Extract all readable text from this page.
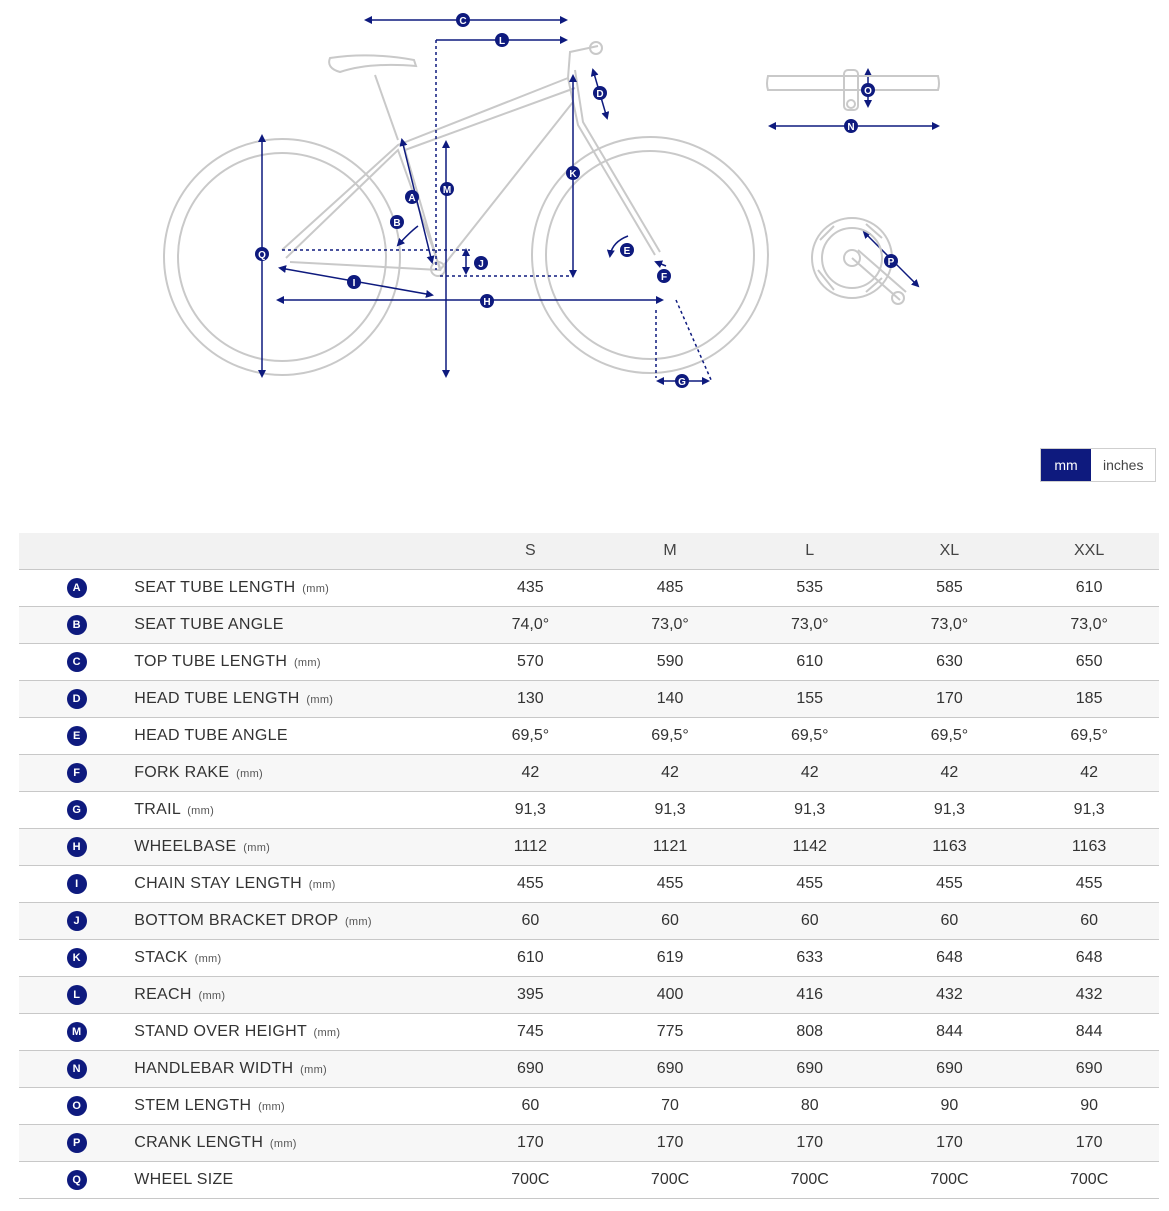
C
L
D
K
A
B
M
J
Q
I
H
E
F
G
O
N
P
mm	inches
		S	M	L	XL	XXL
A	SEAT TUBE LENGTH (mm)	435	485	535	585	610
B	SEAT TUBE ANGLE	74,0°	73,0°	73,0°	73,0°	73,0°
C	TOP TUBE LENGTH (mm)	570	590	610	630	650
D	HEAD TUBE LENGTH (mm)	130	140	155	170	185
E	HEAD TUBE ANGLE	69,5°	69,5°	69,5°	69,5°	69,5°
F	FORK RAKE (mm)	42	42	42	42	42
G	TRAIL (mm)	91,3	91,3	91,3	91,3	91,3
H	WHEELBASE (mm)	1112	1121	1142	1163	1163
I	CHAIN STAY LENGTH (mm)	455	455	455	455	455
J	BOTTOM BRACKET DROP (mm)	60	60	60	60	60
K	STACK (mm)	610	619	633	648	648
L	REACH (mm)	395	400	416	432	432
M	STAND OVER HEIGHT (mm)	745	775	808	844	844
N	HANDLEBAR WIDTH (mm)	690	690	690	690	690
O	STEM LENGTH (mm)	60	70	80	90	90
P	CRANK LENGTH (mm)	170	170	170	170	170
Q	WHEEL SIZE	700C	700C	700C	700C	700C
